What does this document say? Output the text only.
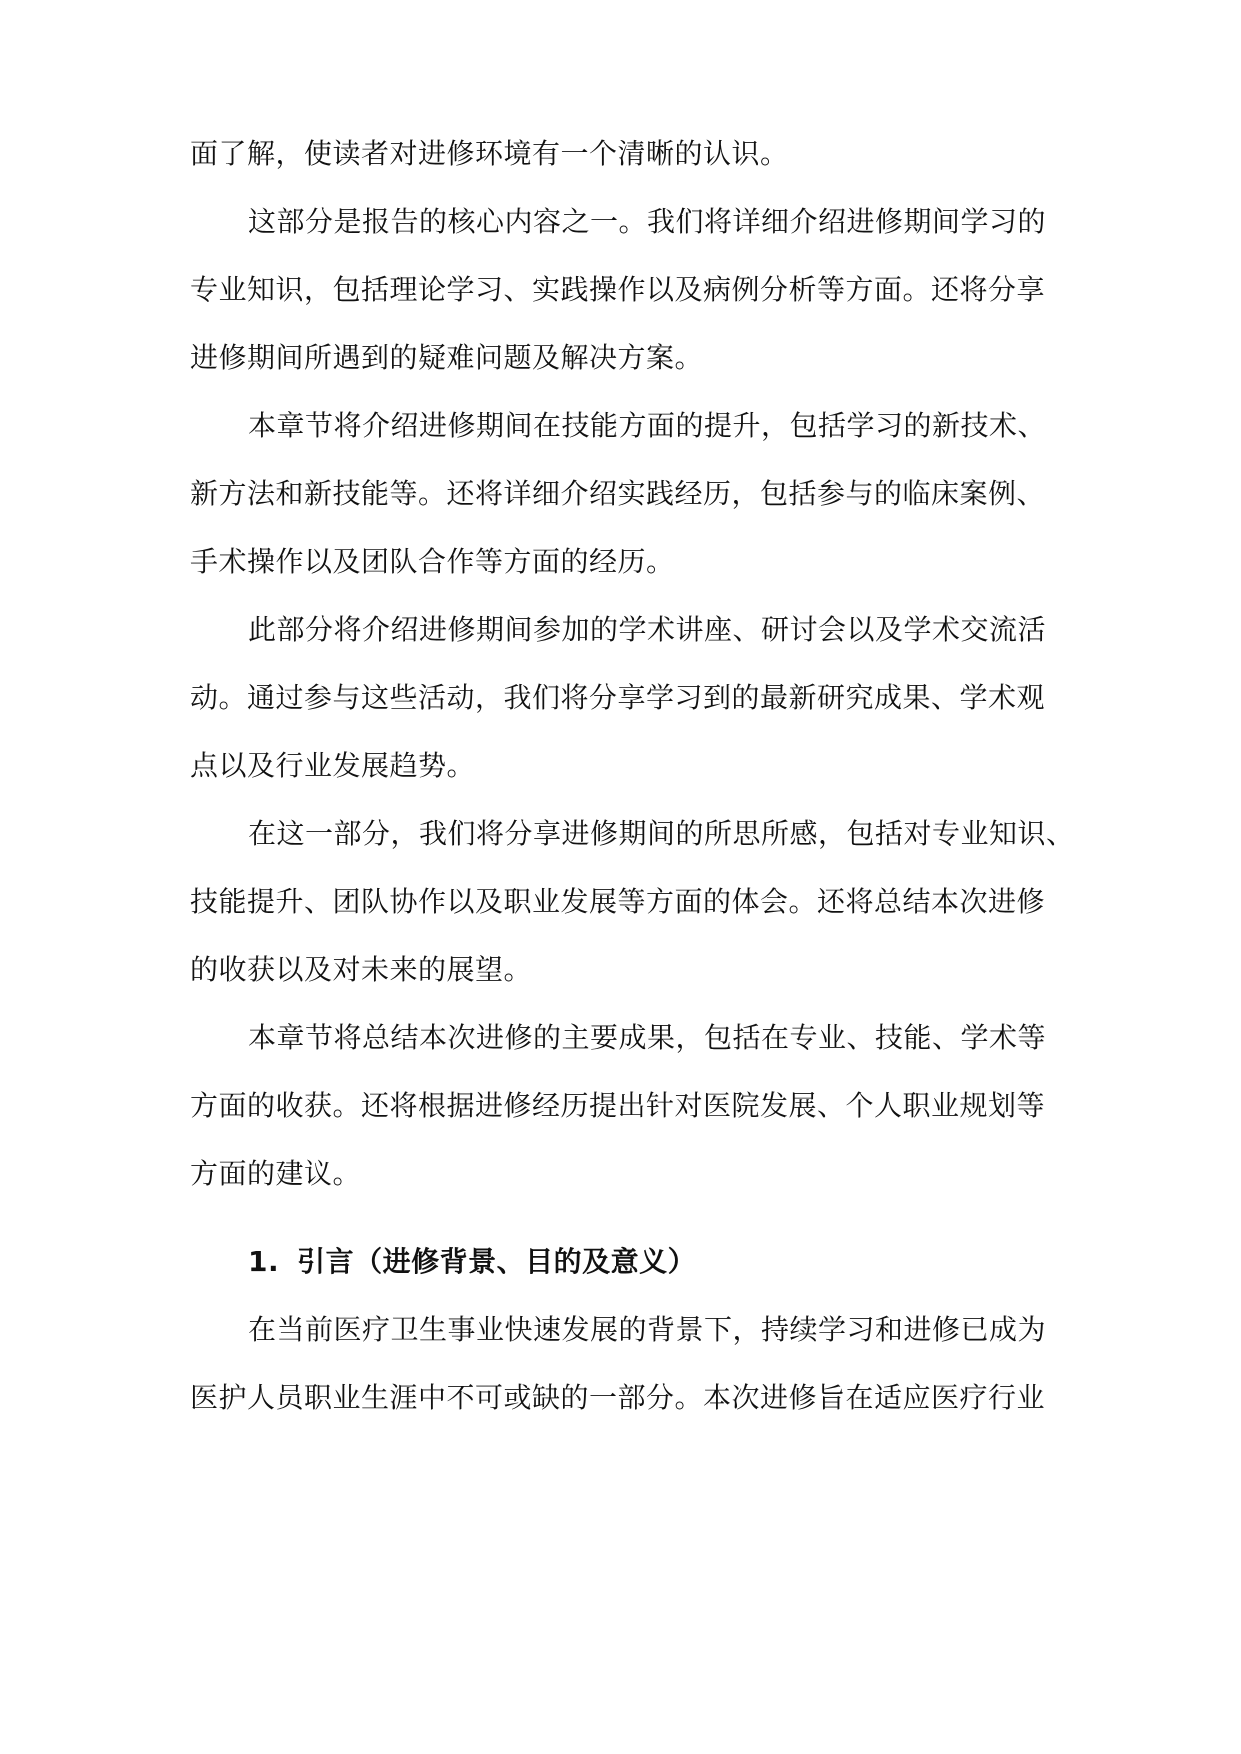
面了解，使读者对进修环境有一个清晰的认识。
这部分是报告的核心内容之一。我们将详细介绍进修期间学习的
专业知识，包括理论学习、实践操作以及病例分析等方面。还将分享
进修期间所遇到的疑难问题及解决方案。
本章节将介绍进修期间在技能方面的提升，包括学习的新技术、
新方法和新技能等。还将详细介绍实践经历，包括参与的临床案例、
手术操作以及团队合作等方面的经历。
此部分将介绍进修期间参加的学术讲座、研讨会以及学术交流活
动。通过参与这些活动，我们将分享学习到的最新研究成果、学术观
点以及行业发展趋势。
在这一部分，我们将分享进修期间的所思所感，包括对专业知识、
技能提升、团队协作以及职业发展等方面的体会。还将总结本次进修
的收获以及对未来的展望。
本章节将总结本次进修的主要成果，包括在专业、技能、学术等
方面的收获。还将根据进修经历提出针对医院发展、个人职业规划等
方面的建议。
1. 引言（进修背景、目的及意义）
在当前医疗卫生事业快速发展的背景下，持续学习和进修已成为
医护人员职业生涯中不可或缺的一部分。本次进修旨在适应医疗行业
